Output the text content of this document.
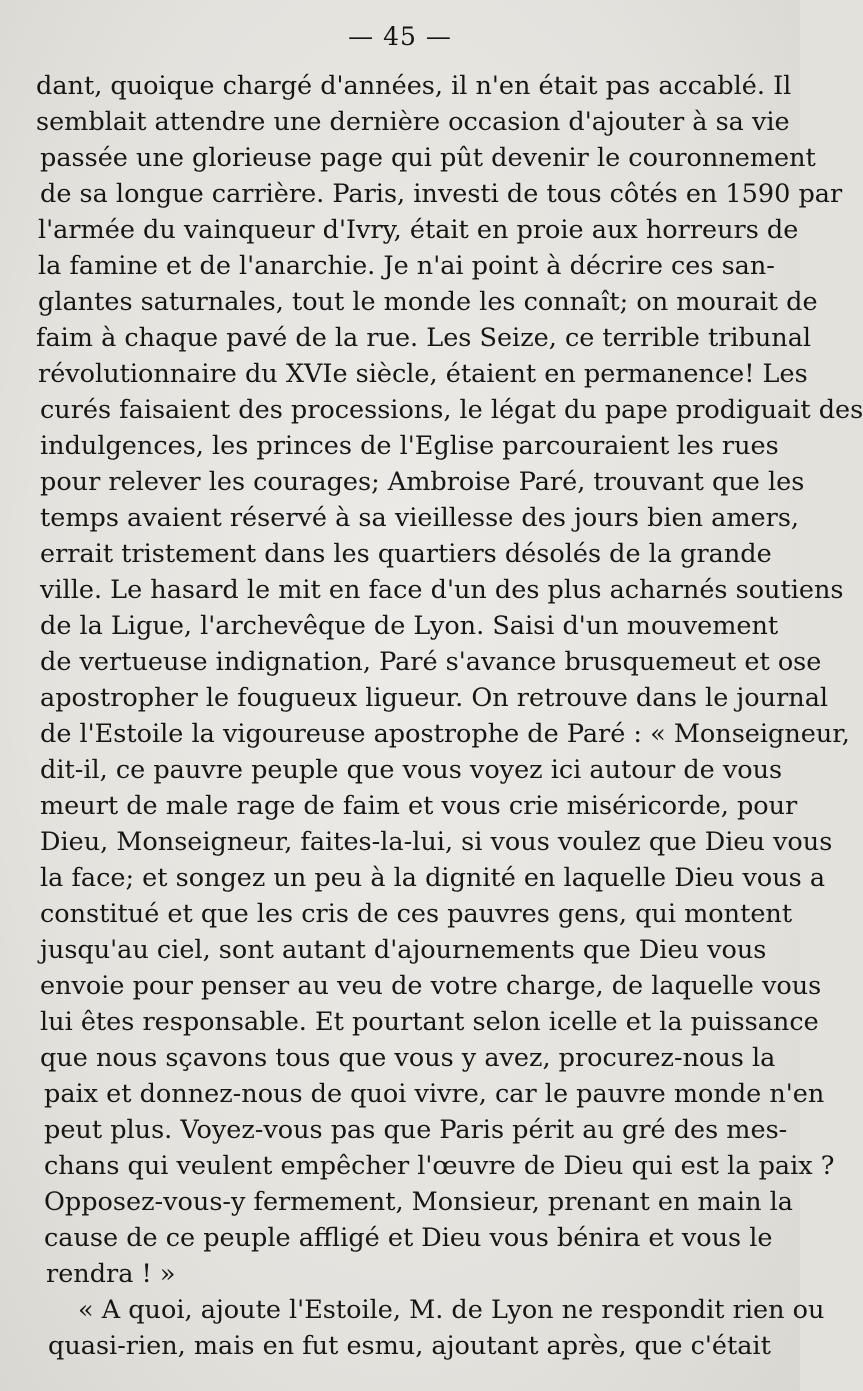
— 45 —
dant, quoique chargé d'années, il n'en était pas accablé. Il
semblait attendre une dernière occasion d'ajouter à sa vie
passée une glorieuse page qui pût devenir le couronnement
de sa longue carrière. Paris, investi de tous côtés en 1590 par
l'armée du vainqueur d'Ivry, était en proie aux horreurs de
la famine et de l'anarchie. Je n'ai point à décrire ces san-
glantes saturnales, tout le monde les connaît; on mourait de
faim à chaque pavé de la rue. Les Seize, ce terrible tribunal
révolutionnaire du XVIe siècle, étaient en permanence! Les
curés faisaient des processions, le légat du pape prodiguait des
indulgences, les princes de l'Eglise parcouraient les rues
pour relever les courages; Ambroise Paré, trouvant que les
temps avaient réservé à sa vieillesse des jours bien amers,
errait tristement dans les quartiers désolés de la grande
ville. Le hasard le mit en face d'un des plus acharnés soutiens
de la Ligue, l'archevêque de Lyon. Saisi d'un mouvement
de vertueuse indignation, Paré s'avance brusquemeut et ose
apostropher le fougueux ligueur. On retrouve dans le journal
de l'Estoile la vigoureuse apostrophe de Paré : « Monseigneur,
dit-il, ce pauvre peuple que vous voyez ici autour de vous
meurt de male rage de faim et vous crie miséricorde, pour
Dieu, Monseigneur, faites-la-lui, si vous voulez que Dieu vous
la face; et songez un peu à la dignité en laquelle Dieu vous a
constitué et que les cris de ces pauvres gens, qui montent
jusqu'au ciel, sont autant d'ajournements que Dieu vous
envoie pour penser au veu de votre charge, de laquelle vous
lui êtes responsable. Et pourtant selon icelle et la puissance
que nous sçavons tous que vous y avez, procurez-nous la
paix et donnez-nous de quoi vivre, car le pauvre monde n'en
peut plus. Voyez-vous pas que Paris périt au gré des mes-
chans qui veulent empêcher l'œuvre de Dieu qui est la paix ?
Opposez-vous-y fermement, Monsieur, prenant en main la
cause de ce peuple affligé et Dieu vous bénira et vous le
rendra ! »
« A quoi, ajoute l'Estoile, M. de Lyon ne respondit rien ou
quasi-rien, mais en fut esmu, ajoutant après, que c'était
